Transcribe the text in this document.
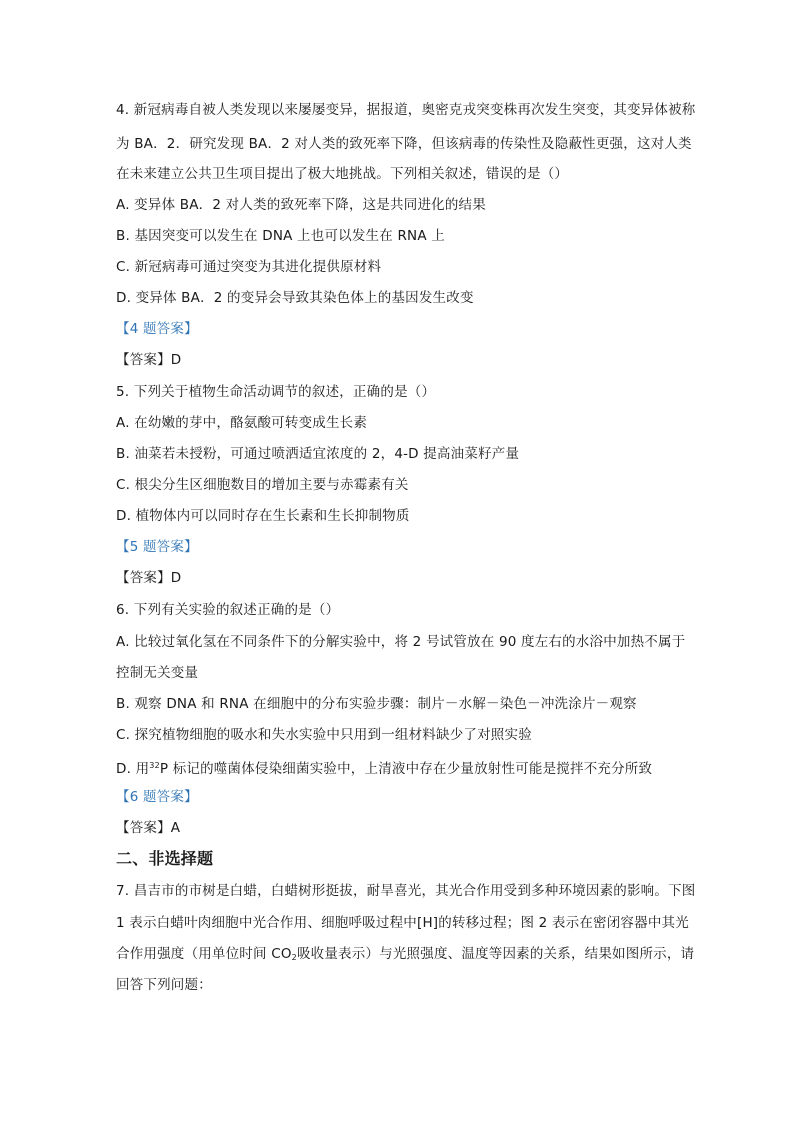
4. 新冠病毒自被人类发现以来屡屡变异，据报道，奥密克戎突变株再次发生突变，其变异体被称
为 BA．2．研究发现 BA．2 对人类的致死率下降，但该病毒的传染性及隐蔽性更强，这对人类
在未来建立公共卫生项目提出了极大地挑战。下列相关叙述，错误的是（）
A. 变异体 BA．2 对人类的致死率下降，这是共同进化的结果
B. 基因突变可以发生在 DNA 上也可以发生在 RNA 上
C. 新冠病毒可通过突变为其进化提供原材料
D. 变异体 BA．2 的变异会导致其染色体上的基因发生改变
【4 题答案】
【答案】D
5. 下列关于植物生命活动调节的叙述，正确的是（）
A. 在幼嫩的芽中，酪氨酸可转变成生长素
B. 油菜若未授粉，可通过喷洒适宜浓度的 2，4-D 提高油菜籽产量
C. 根尖分生区细胞数目的增加主要与赤霉素有关
D. 植物体内可以同时存在生长素和生长抑制物质
【5 题答案】
【答案】D
6. 下列有关实验的叙述正确的是（）
A. 比较过氧化氢在不同条件下的分解实验中，将 2 号试管放在 90 度左右的水浴中加热不属于
控制无关变量
B. 观察 DNA 和 RNA 在细胞中的分布实验步骤：制片－水解－染色－冲洗涂片－观察
C. 探究植物细胞的吸水和失水实验中只用到一组材料缺少了对照实验
D. 用$^{32}$P 标记的噬菌体侵染细菌实验中，上清液中存在少量放射性可能是搅拌不充分所致
【6 题答案】
【答案】A
二、非选择题
7. 昌吉市的市树是白蜡，白蜡树形挺拔，耐旱喜光，其光合作用受到多种环境因素的影响。下图
1 表示白蜡叶肉细胞中光合作用、细胞呼吸过程中[H]的转移过程；图 2 表示在密闭容器中其光
合作用强度（用单位时间 $CO_2$吸收量表示）与光照强度、温度等因素的关系，结果如图所示，请
回答下列问题：
